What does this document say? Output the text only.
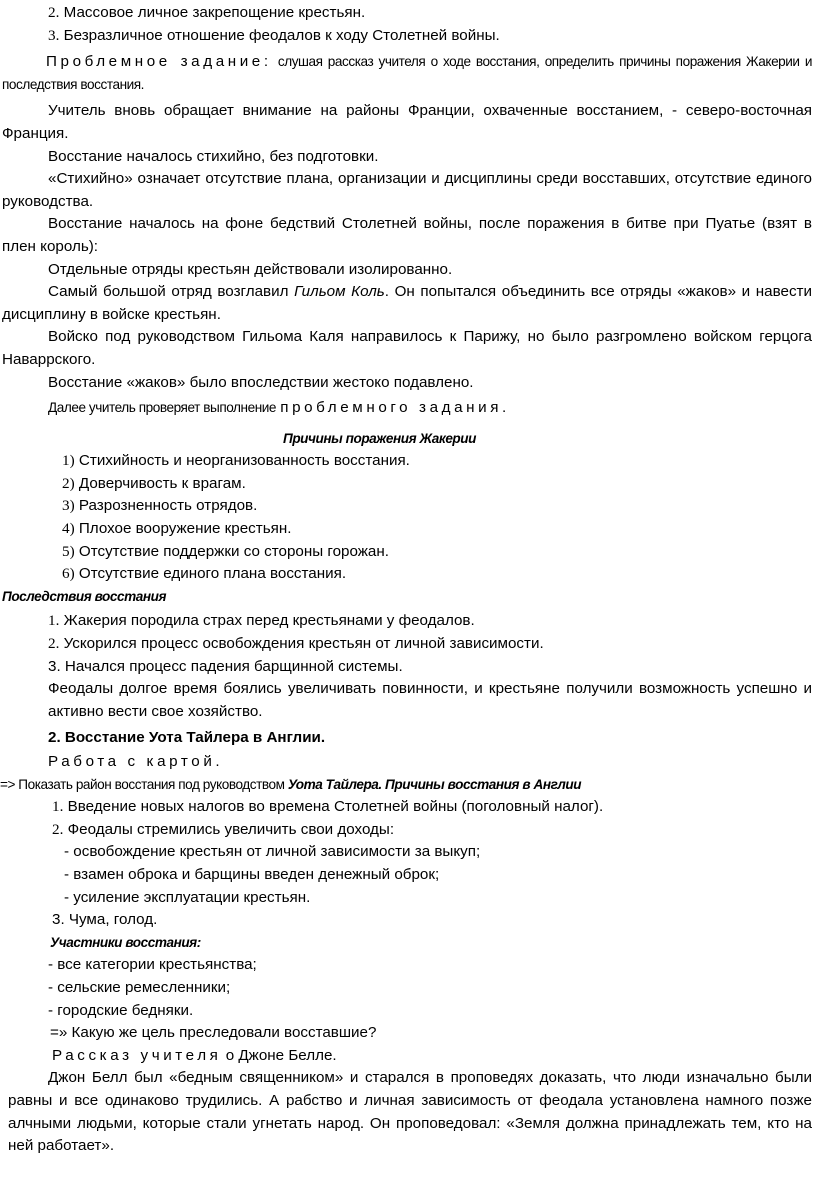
2. Массовое личное закрепощение крестьян.
3. Безразличное отношение феодалов к ходу Столетней войны.

Проблемное задание: слушая рассказ учителя о ходе восстания, определить причины поражения Жакерии и последствия восстания.

Учитель вновь обращает внимание на районы Франции, охваченные восстанием, - северо-восточная Франция.

Восстание началось стихийно, без подготовки.

«Стихийно» означает отсутствие плана, организации и дисциплины среди восставших, отсутствие единого руководства.

Восстание началось на фоне бедствий Столетней войны, после поражения в битве при Пуатье (взят в плен король):

Отдельные отряды крестьян действовали изолированно.

Самый большой отряд возглавил Гильом Коль. Он попытался объединить все отряды «жаков» и навести дисциплину в войске крестьян.

Войско под руководством Гильома Каля направилось к Парижу, но было разгромлено войском герцога Наваррского.

Восстание «жаков» было впоследствии жестоко подавлено.

Далее учитель проверяет выполнение проблемного задания.
Причины поражения Жакерии
1) Стихийность и неорганизованность восстания.
2) Доверчивость к врагам.
3) Разрозненность отрядов.
4) Плохое вооружение крестьян.
5) Отсутствие поддержки со стороны горожан.
6) Отсутствие единого плана восстания.
Последствия восстания
1. Жакерия породила страх перед крестьянами у феодалов.
2. Ускорился процесс освобождения крестьян от личной зависимости.
3. Начался процесс падения барщинной системы.

Феодалы долгое время боялись увеличивать повинности, и крестьяне получили возможность успешно и активно вести свое хозяйство.

2. Восстание Уота Тайлера в Англии.
Работа с картой.
=> Показать район восстания под руководством Уота Тайлера. Причины восстания в Англии
1. Введение новых налогов во времена Столетней войны (поголовный налог).
2. Феодалы стремились увеличить свои доходы:
- освобождение крестьян от личной зависимости за выкуп;
- взамен оброка и барщины введен денежный оброк;
- усиление эксплуатации крестьян.
3. Чума, голод.
Участники восстания:
- все категории крестьянства;
- сельские ремесленники;
- городские бедняки.
=» Какую же цель преследовали восставшие?
Рассказ учителя о Джоне Белле.

Джон Белл был «бедным священником» и старался в проповедях доказать, что люди изначально были равны и все одинаково трудились. А рабство и личная зависимость от феодала установлена намного позже алчными людьми, которые стали угнетать народ. Он проповедовал: «Земля должна принадлежать тем, кто на ней работает».
